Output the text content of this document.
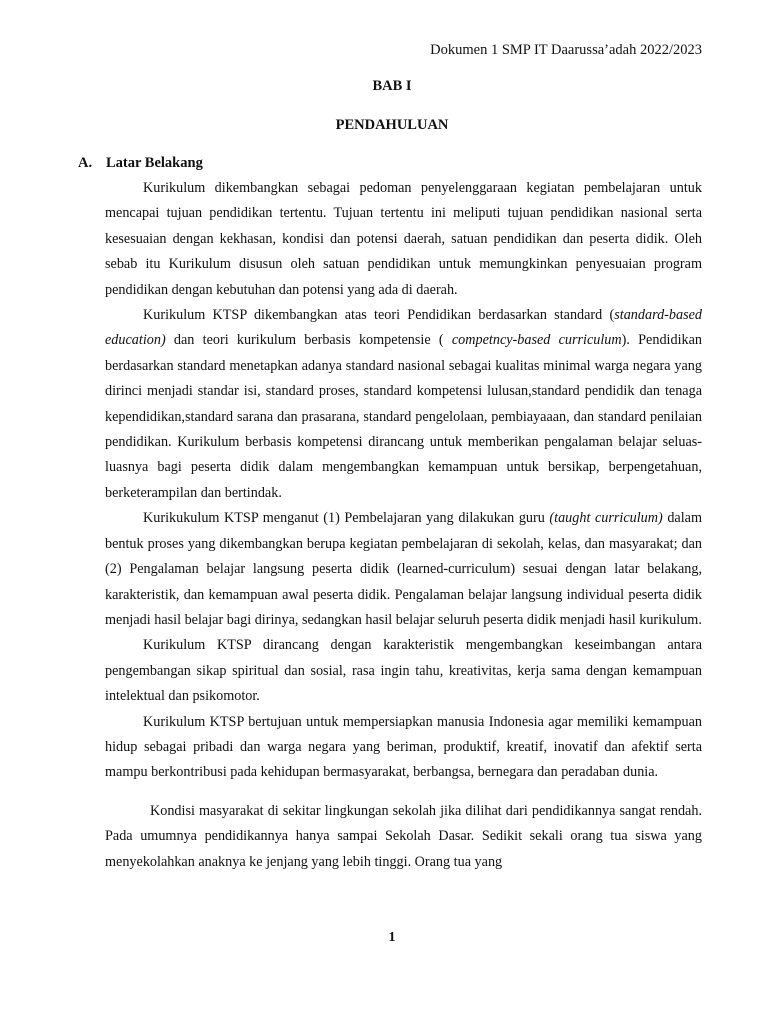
Dokumen 1 SMP IT Daarussa’adah 2022/2023
BAB I
PENDAHULUAN
A. Latar Belakang

Kurikulum dikembangkan sebagai pedoman penyelenggaraan kegiatan pembelajaran untuk mencapai tujuan pendidikan tertentu. Tujuan tertentu ini meliputi tujuan pendidikan nasional serta kesesuaian dengan kekhasan, kondisi dan potensi daerah, satuan pendidikan dan peserta didik. Oleh sebab itu Kurikulum disusun oleh satuan pendidikan untuk memungkinkan penyesuaian program pendidikan dengan kebutuhan dan potensi yang ada di daerah.

Kurikulum KTSP dikembangkan atas teori Pendidikan berdasarkan standard (standard-based education) dan teori kurikulum berbasis kompetensie ( competncy-based curriculum). Pendidikan berdasarkan standard menetapkan adanya standard nasional sebagai kualitas minimal warga negara yang dirinci menjadi standar isi, standard proses, standard kompetensi lulusan,standard pendidik dan tenaga kependidikan,standard sarana dan prasarana, standard pengelolaan, pembiayaaan, dan standard penilaian pendidikan. Kurikulum berbasis kompetensi dirancang untuk memberikan pengalaman belajar seluas-luasnya bagi peserta didik dalam mengembangkan kemampuan untuk bersikap, berpengetahuan, berketerampilan dan bertindak.

Kurikukulum KTSP menganut (1) Pembelajaran yang dilakukan guru (taught curriculum) dalam bentuk proses yang dikembangkan berupa kegiatan pembelajaran di sekolah, kelas, dan masyarakat; dan (2) Pengalaman belajar langsung peserta didik (learned-curriculum) sesuai dengan latar belakang, karakteristik, dan kemampuan awal peserta didik. Pengalaman belajar langsung individual peserta didik menjadi hasil belajar bagi dirinya, sedangkan hasil belajar seluruh peserta didik menjadi hasil kurikulum.

Kurikulum KTSP dirancang dengan karakteristik mengembangkan keseimbangan antara pengembangan sikap spiritual dan sosial, rasa ingin tahu, kreativitas, kerja sama dengan kemampuan intelektual dan psikomotor.

Kurikulum KTSP bertujuan untuk mempersiapkan manusia Indonesia agar memiliki kemampuan hidup sebagai pribadi dan warga negara yang beriman, produktif, kreatif, inovatif dan afektif serta mampu berkontribusi pada kehidupan bermasyarakat, berbangsa, bernegara dan peradaban dunia.

Kondisi masyarakat di sekitar lingkungan sekolah jika dilihat dari pendidikannya sangat rendah. Pada umumnya pendidikannya hanya sampai Sekolah Dasar. Sedikit sekali orang tua siswa yang menyekolahkan anaknya ke jenjang yang lebih tinggi. Orang tua yang

1
